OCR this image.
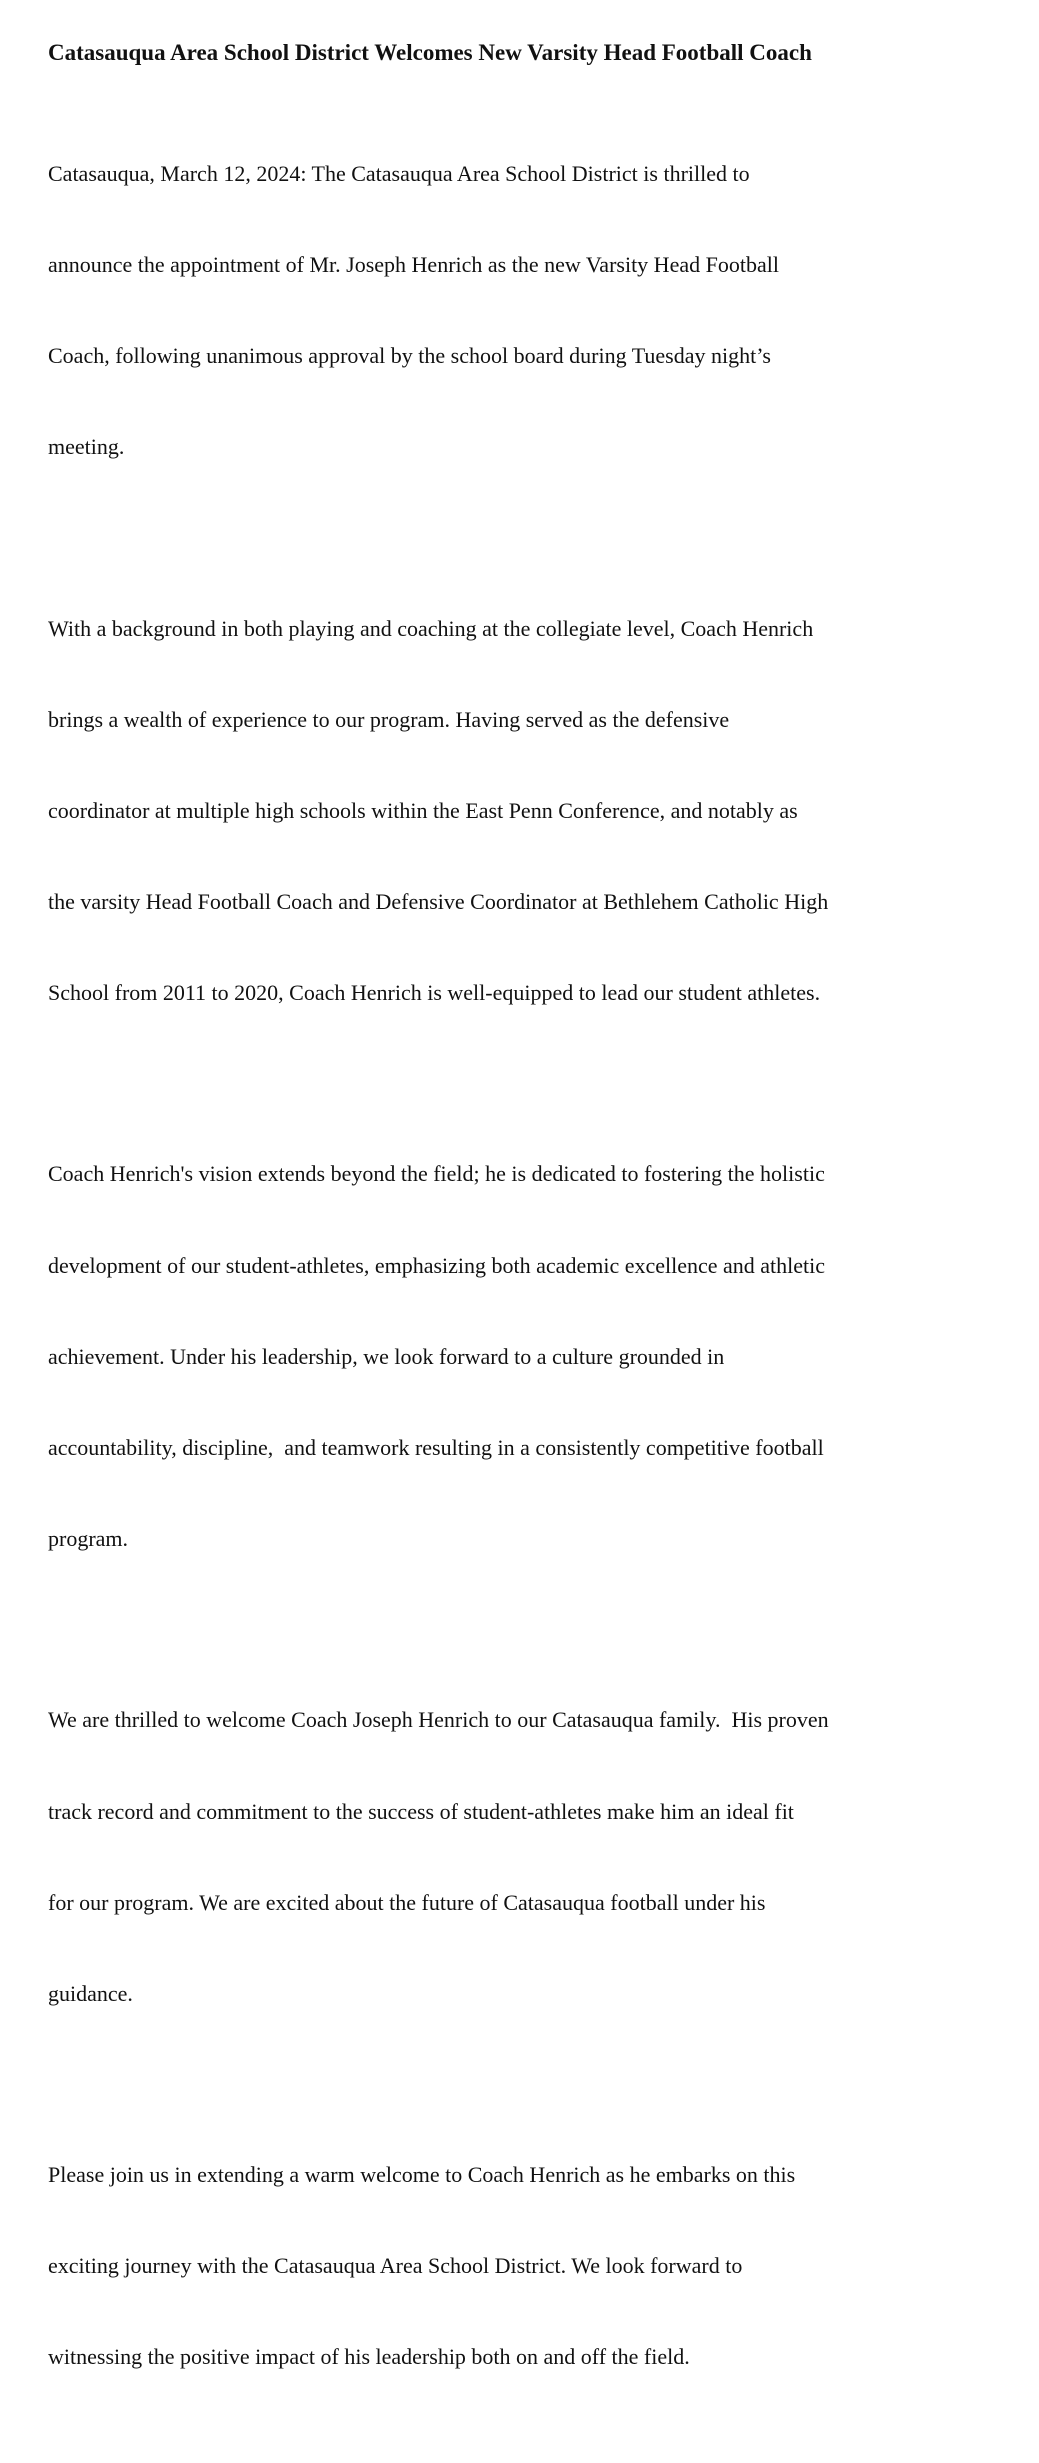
Catasauqua Area School District Welcomes New Varsity Head Football Coach

Catasauqua, March 12, 2024: The Catasauqua Area School District is thrilled to

announce the appointment of Mr. Joseph Henrich as the new Varsity Head Football

Coach, following unanimous approval by the school board during Tuesday night’s

meeting.

With a background in both playing and coaching at the collegiate level, Coach Henrich

brings a wealth of experience to our program. Having served as the defensive

coordinator at multiple high schools within the East Penn Conference, and notably as

the varsity Head Football Coach and Defensive Coordinator at Bethlehem Catholic High

School from 2011 to 2020, Coach Henrich is well-equipped to lead our student athletes.

Coach Henrich's vision extends beyond the field; he is dedicated to fostering the holistic

development of our student-athletes, emphasizing both academic excellence and athletic

achievement. Under his leadership, we look forward to a culture grounded in

accountability, discipline,  and teamwork resulting in a consistently competitive football

program.

We are thrilled to welcome Coach Joseph Henrich to our Catasauqua family.  His proven

track record and commitment to the success of student-athletes make him an ideal fit

for our program. We are excited about the future of Catasauqua football under his

guidance.

Please join us in extending a warm welcome to Coach Henrich as he embarks on this

exciting journey with the Catasauqua Area School District. We look forward to

witnessing the positive impact of his leadership both on and off the field.
